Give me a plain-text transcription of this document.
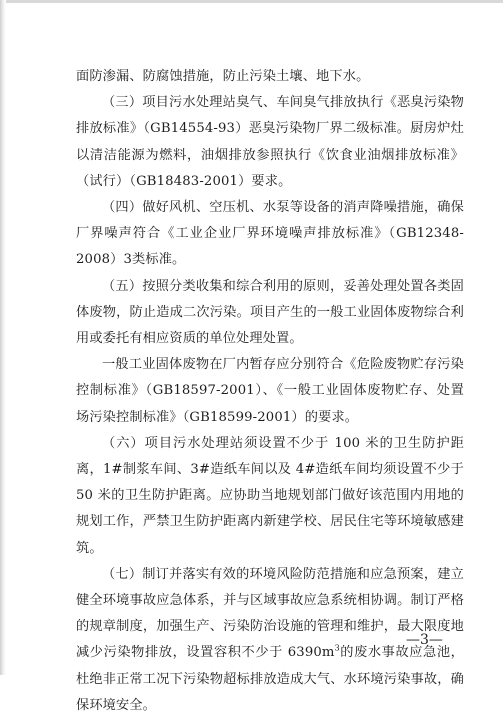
面防渗漏、防腐蚀措施，防止污染土壤、地下水。

（三）项目污水处理站臭气、车间臭气排放执行《恶臭污染物排放标准》（GB14554-93）恶臭污染物厂界二级标准。厨房炉灶以清洁能源为燃料，油烟排放参照执行《饮食业油烟排放标准》（试行）（GB18483-2001）要求。

（四）做好风机、空压机、水泵等设备的消声降噪措施，确保厂界噪声符合《工业企业厂界环境噪声排放标准》（GB12348-2008）3类标准。

（五）按照分类收集和综合利用的原则，妥善处理处置各类固体废物，防止造成二次污染。项目产生的一般工业固体废物综合利用或委托有相应资质的单位处理处置。

一般工业固体废物在厂内暂存应分别符合《危险废物贮存污染控制标准》（GB18597-2001）、《一般工业固体废物贮存、处置场污染控制标准》（GB18599-2001）的要求。

（六）项目污水处理站须设置不少于 100 米的卫生防护距离，1#制浆车间、3#造纸车间以及 4#造纸车间均须设置不少于 50 米的卫生防护距离。应协助当地规划部门做好该范围内用地的规划工作，严禁卫生防护距离内新建学校、居民住宅等环境敏感建筑。

（七）制订并落实有效的环境风险防范措施和应急预案，建立健全环境事故应急体系，并与区域事故应急系统相协调。制订严格的规章制度，加强生产、污染防治设施的管理和维护，最大限度地减少污染物排放，设置容积不少于 $6390m^3$的废水事故应急池，杜绝非正常工况下污染物超标排放造成大气、水环境污染事故，确保环境安全。

—3—
